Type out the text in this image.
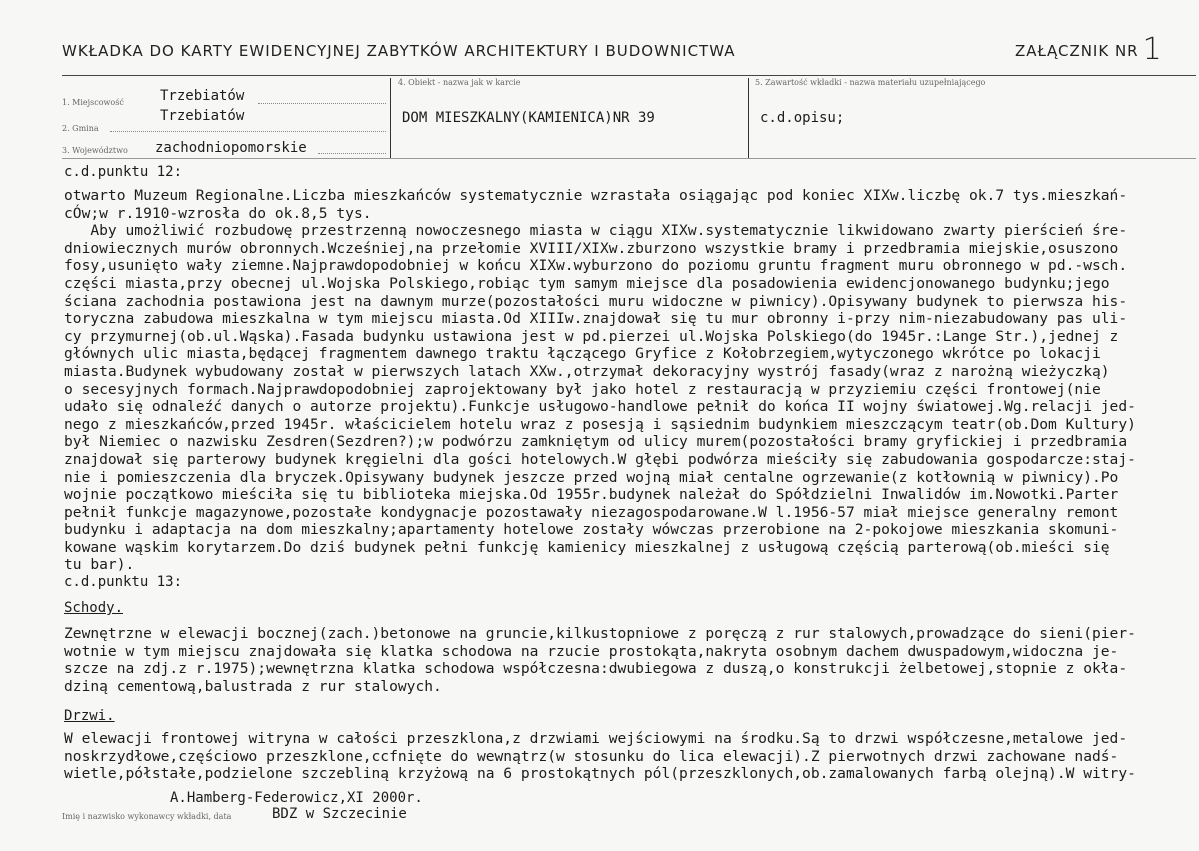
WKŁADKA DO KARTY EWIDENCYJNEJ ZABYTKÓW ARCHITEKTURY I BUDOWNICTWA	ZAŁĄCZNIK NR 1
1. Miejscowość	Trzebiatów
2. Gmina
Trzebiatów
3. Województwo zachodniopomorskie
4. Obiekt - nazwa jak w karcie
DOM MIESZKALNY(KAMIENICA)NR 39
5. Zawartość wkładki - nazwa materiału uzupełniającego
c.d.opisu;
c.d.punktu 12:
otwarto Muzeum Regionalne.Liczba mieszkańców systematycznie wzrastała osiągając pod koniec XIXw.liczbę ok.7 tys.mieszkań-
cÓw;w r.1910-wzrosła do ok.8,5 tys.
Aby umożliwić rozbudowę przestrzenną nowoczesnego miasta w ciągu XIXw.systematycznie likwidowano zwarty pierścień śre-
dniowiecznych murów obronnych.Wcześniej,na przełomie XVIII/XIXw.zburzono wszystkie bramy i przedbramia miejskie,osuszono
fosy,usunięto wały ziemne.Najprawdopodobniej w końcu XIXw.wyburzono do poziomu gruntu fragment muru obronnego w pd.-wsch.
części miasta,przy obecnej ul.Wojska Polskiego,robiąc tym samym miejsce dla posadowienia ewidencjonowanego budynku;jego
ściana zachodnia postawiona jest na dawnym murze(pozostałości muru widoczne w piwnicy).Opisywany budynek to pierwsza his-
toryczna zabudowa mieszkalna w tym miejscu miasta.Od XIIIw.znajdował się tu mur obronny i-przy nim-niezabudowany pas uli-
cy przymurnej(ob.ul.Wąska).Fasada budynku ustawiona jest w pd.pierzei ul.Wojska Polskiego(do 1945r.:Lange Str.),jednej z
głównych ulic miasta,będącej fragmentem dawnego traktu łączącego Gryfice z Kołobrzegiem,wytyczonego wkrótce po lokacji
miasta.Budynek wybudowany został w pierwszych latach XXw.,otrzymał dekoracyjny wystrój fasady(wraz z narożną wieżyczką)
o secesyjnych formach.Najprawdopodobniej zaprojektowany był jako hotel z restauracją w przyziemiu części frontowej(nie
udało się odnaleźć danych o autorze projektu).Funkcje usługowo-handlowe pełnił do końca II wojny światowej.Wg.relacji jed-
nego z mieszkańców,przed 1945r. właścicielem hotelu wraz z posesją i sąsiednim budynkiem mieszczącym teatr(ob.Dom Kultury)
był Niemiec o nazwisku Zesdren(Sezdren?);w podwórzu zamkniętym od ulicy murem(pozostałości bramy gryfickiej i przedbramia
znajdował się parterowy budynek kręgielni dla gości hotelowych.W głębi podwórza mieściły się zabudowania gospodarcze:staj-
nie i pomieszczenia dla bryczek.Opisywany budynek jeszcze przed wojną miał centalne ogrzewanie(z kotłownią w piwnicy).Po
wojnie początkowo mieściła się tu biblioteka miejska.Od 1955r.budynek należał do Spółdzielni Inwalidów im.Nowotki.Parter
pełnił funkcje magazynowe,pozostałe kondygnacje pozostawały niezagospodarowane.W l.1956-57 miał miejsce generalny remont
budynku i adaptacja na dom mieszkalny;apartamenty hotelowe zostały wówczas przerobione na 2-pokojowe mieszkania skomuni-
kowane wąskim korytarzem.Do dziś budynek pełni funkcję kamienicy mieszkalnej z usługową częścią parterową(ob.mieści się
tu bar).
c.d.punktu 13:
Schody.
Zewnętrzne w elewacji bocznej(zach.)betonowe na gruncie,kilkustopniowe z poręczą z rur stalowych,prowadzące do sieni(pier-
wotnie w tym miejscu znajdowała się klatka schodowa na rzucie prostokąta,nakryta osobnym dachem dwuspadowym,widoczna je-
szcze na zdj.z r.1975);wewnętrzna klatka schodowa współczesna:dwubiegowa z duszą,o konstrukcji żelbetowej,stopnie z okła-
dziną cementową,balustrada z rur stalowych.
Drzwi.
W elewacji frontowej witryna w całości przeszklona,z drzwiami wejściowymi na środku.Są to drzwi współczesne,metalowe jed-
noskrzydłowe,częściowo przeszklone,ccfnięte do wewnątrz(w stosunku do lica elewacji).Z pierwotnych drzwi zachowane nadś-
wietle,półstałe,podzielone szczebliną krzyżową na 6 prostokątnych pól(przeszklonych,ob.zamalowanych farbą olejną).W witry-
A.Hamberg-Federowicz,XI 2000r.
Imię i nazwisko wykonawcy wkładki, data	BDZ w Szczecinie
